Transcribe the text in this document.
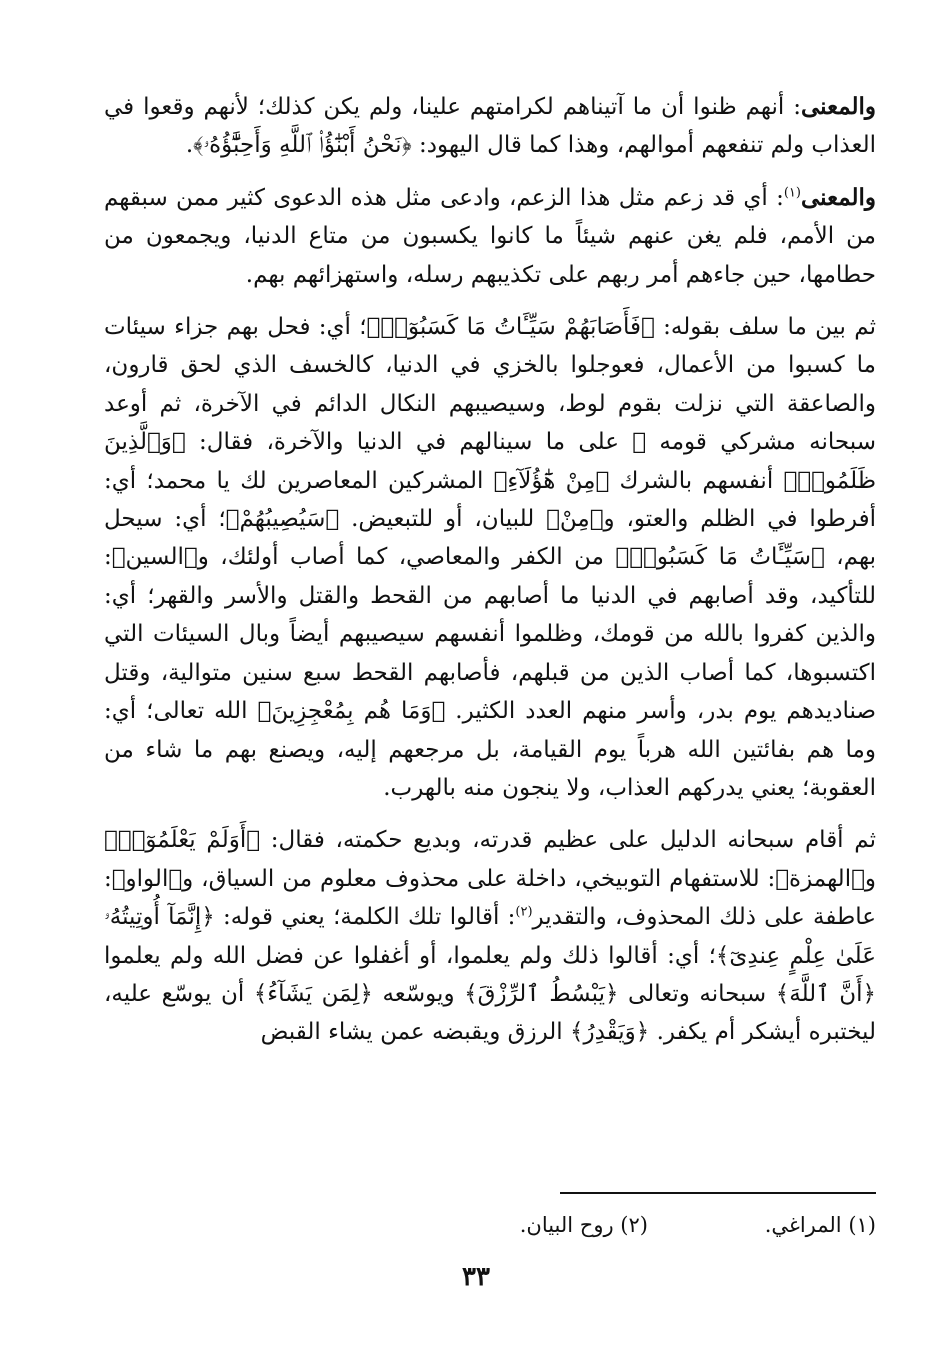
والمعنى: أنهم ظنوا أن ما آتيناهم لكرامتهم علينا، ولم يكن كذلك؛ لأنهم وقعوا في العذاب ولم تنفعهم أموالهم، وهذا كما قال اليهود: ﴿نَحْنُ أَبْنَٰٓؤُا۟ ٱللَّهِ وَأَحِبَّٰٓؤُهُۥ﴾.

والمعنى$^{(١)}$: أي قد زعم مثل هذا الزعم، وادعى مثل هذه الدعوى كثير ممن سبقهم من الأمم، فلم يغن عنهم شيئاً ما كانوا يكسبون من متاع الدنيا، ويجمعون من حطامها، حين جاءهم أمر ربهم على تكذيبهم رسله، واستهزائهم بهم.

ثم بين ما سلف بقوله: ﴿فَأَصَابَهُمْ سَيِّـَٔاتُ مَا كَسَبُوٓا۟﴾؛ أي: فحل بهم جزاء سيئات ما كسبوا من الأعمال، فعوجلوا بالخزي في الدنيا، كالخسف الذي لحق قارون، والصاعقة التي نزلت بقوم لوط، وسيصيبهم النكال الدائم في الآخرة، ثم أوعد سبحانه مشركي قومه ﷺ على ما سينالهم في الدنيا والآخرة، فقال: ﴿وَٱلَّذِينَ ظَلَمُوا۟﴾ أنفسهم بالشرك ﴿مِنْ هَٰٓؤُلَآءِ﴾ المشركين المعاصرين لك يا محمد؛ أي: أفرطوا في الظلم والعتو، و﴿مِنْ﴾ للبيان، أو للتبعيض. ﴿سَيُصِيبُهُمْ﴾؛ أي: سيحل بهم، ﴿سَيِّـَٔاتُ مَا كَسَبُوا۟﴾ من الكفر والمعاصي، كما أصاب أولئك، و﴿السين﴾: للتأكيد، وقد أصابهم في الدنيا ما أصابهم من القحط والقتل والأسر والقهر؛ أي: والذين كفروا بالله من قومك، وظلموا أنفسهم سيصيبهم أيضاً وبال السيئات التي اكتسبوها، كما أصاب الذين من قبلهم، فأصابهم القحط سبع سنين متوالية، وقتل صناديدهم يوم بدر، وأسر منهم العدد الكثير. ﴿وَمَا هُم بِمُعْجِزِينَ﴾ الله تعالى؛ أي: وما هم بفائتين الله هرباً يوم القيامة، بل مرجعهم إليه، ويصنع بهم ما شاء من العقوبة؛ يعني يدركهم العذاب، ولا ينجون منه بالهرب.

ثم أقام سبحانه الدليل على عظيم قدرته، وبديع حكمته، فقال: ﴿أَوَلَمْ يَعْلَمُوٓا۟﴾ و﴿الهمزة﴾: للاستفهام التوبيخي، داخلة على محذوف معلوم من السياق، و﴿الواو﴾: عاطفة على ذلك المحذوف، والتقدير$^{(٢)}$: أقالوا تلك الكلمة؛ يعني قوله: ﴿إِنَّمَآ أُوتِيتُهُۥ عَلَىٰ عِلْمٍ عِندِىٓ﴾؛ أي: أقالوا ذلك ولم يعلموا، أو أغفلوا عن فضل الله ولم يعلموا ﴿أَنَّ ٱللَّهَ﴾ سبحانه وتعالى ﴿يَبْسُطُ ٱلرِّزْقَ﴾ ويوسّعه ﴿لِمَن يَشَآءُ﴾ أن يوسّع عليه، ليختبره أيشكر أم يكفر. ﴿وَيَقْدِرُ﴾ الرزق ويقبضه عمن يشاء القبض

(١) المراغي. (٢) روح البيان.
٣٣
